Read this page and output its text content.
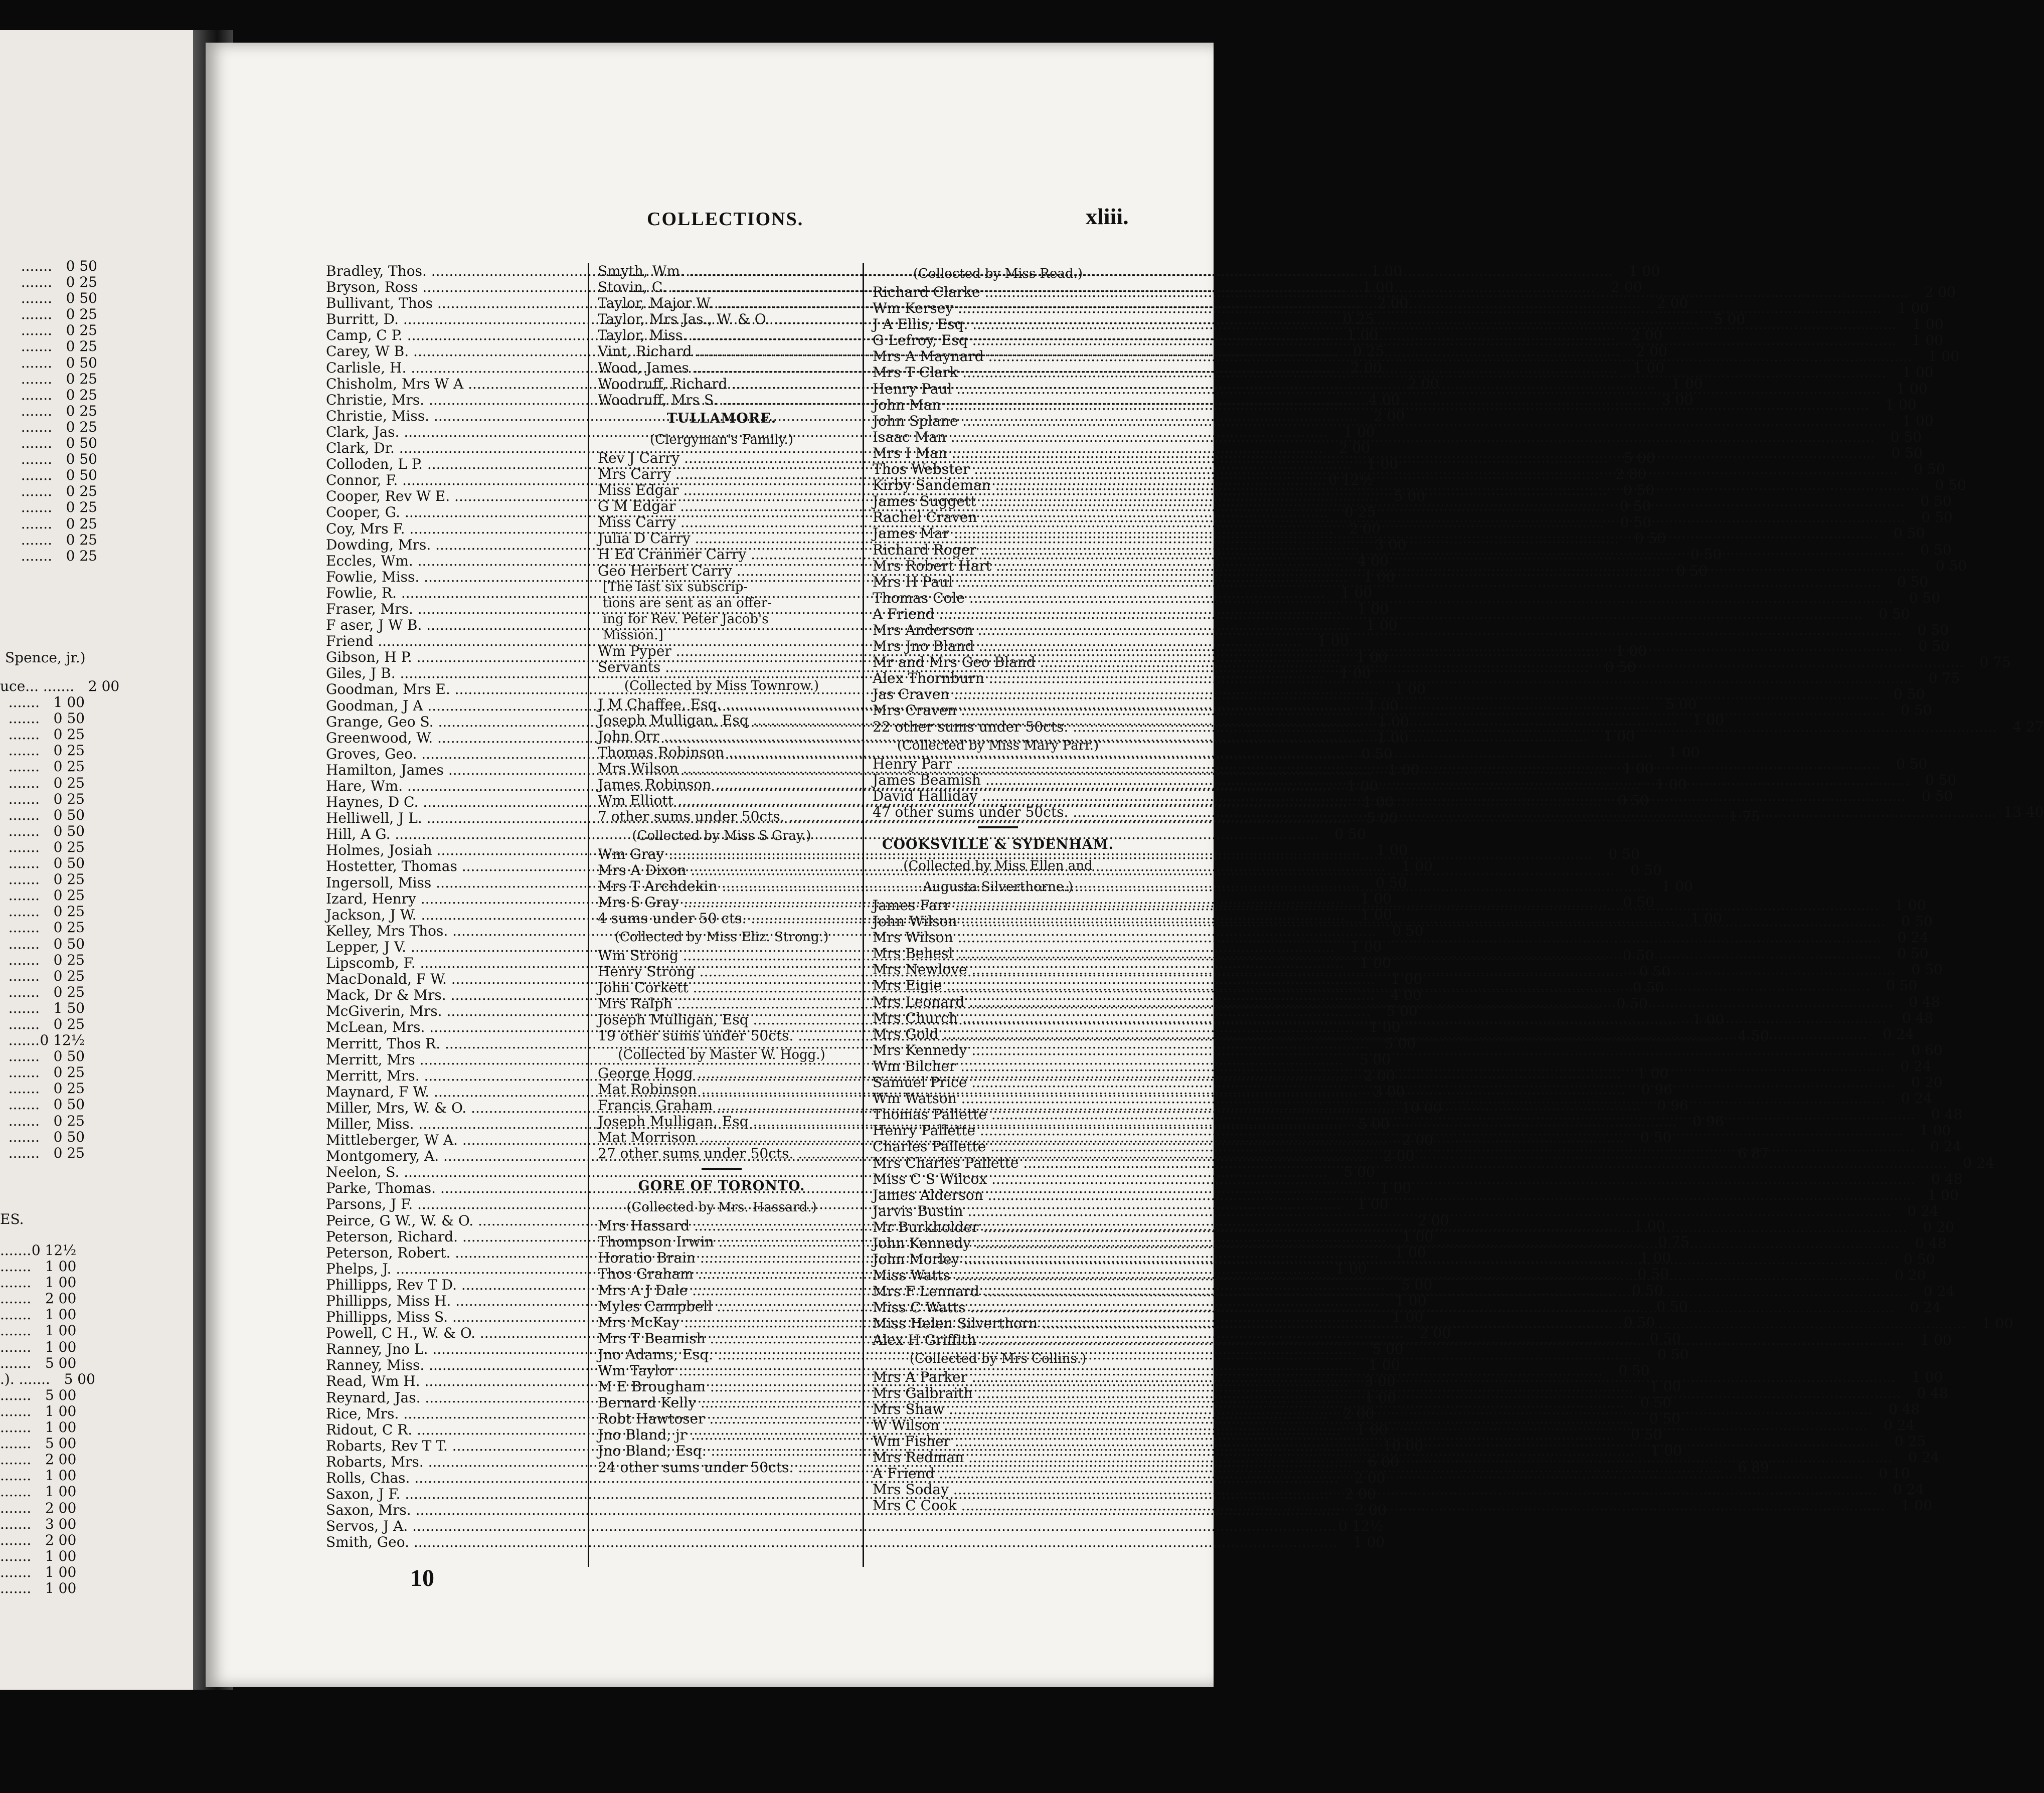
....... 0 50
....... 0 25
....... 0 50
....... 0 25
....... 0 25
....... 0 25
....... 0 50
....... 0 25
....... 0 25
....... 0 25
....... 0 25
....... 0 50
....... 0 50
....... 0 50
....... 0 25
....... 0 25
....... 0 25
....... 0 25
....... 0 25
Spence, jr.)
uce... ....... 2 00
....... 1 00
....... 0 50
....... 0 25
....... 0 25
....... 0 25
....... 0 25
....... 0 25
....... 0 50
....... 0 50
....... 0 25
....... 0 50
....... 0 25
....... 0 25
....... 0 25
....... 0 25
....... 0 50
....... 0 25
....... 0 25
....... 0 25
....... 1 50
....... 0 25
....... 0 12½
....... 0 50
....... 0 25
....... 0 25
....... 0 50
....... 0 25
....... 0 50
....... 0 25
ES.
....... 0 12½
....... 1 00
....... 1 00
....... 2 00
....... 1 00
....... 1 00
....... 1 00
....... 5 00
.). ....... 5 00
....... 5 00
....... 1 00
....... 1 00
....... 5 00
....... 2 00
....... 1 00
....... 1 00
....... 2 00
....... 3 00
....... 2 00
....... 1 00
....... 1 00
....... 1 00
COLLECTIONS.	xliii.
Bradley, Thos. .....	1 00
Bryson, Ross .....	1 00
Bullivant, Thos .....	2 00
Burritt, D. .....	0 25
Camp, C P. .....	1 00
Carey, W B. .....	0 25
Carlisle, H. .....	2 00
Chisholm, Mrs W A .....	2 00
Christie, Mrs. .....	4 00
Christie, Miss. .....	2 00
Clark, Jas. .....	1 00
Clark, Dr. .....	2 00
Colloden, L P. .....	1 00
Connor, F. .....	0 12½
Cooper, Rev W E. .....	5 00
Cooper, G. .....	0 25
Coy, Mrs F. .....	2 00
Dowding, Mrs. .....	3 00
Eccles, Wm. .....	4 00
Fowlie, Miss. .....	1 00
Fowlie, R. .....	1 00
Fraser, Mrs. .....	1 00
F aser, J W B. .....	1 00
Friend .....	1 00
Gibson, H P. .....	1 00
Giles, J B. .....	1 00
Goodman, Mrs E. .....	1 00
Goodman, J A .....	1 00
Grange, Geo S. .....	1 00
Greenwood, W. .....	1 00
Groves, Geo. .....	0 50
Hamilton, James .....	1 00
Hare, Wm. .....	1 00
Haynes, D C. .....	1 00
Helliwell, J L. .....	5 00
Hill, A G. .....	0 50
Holmes, Josiah .....	1 00
Hostetter, Thomas .....	1 00
Ingersoll, Miss .....	0 50
Izard, Henry .....	1 00
Jackson, J W. .....	1 00
Kelley, Mrs Thos. .....	0 50
Lepper, J V. .....	1 00
Lipscomb, F. .....	1 00
MacDonald, F W. .....	1 00
Mack, Dr & Mrs. .....	4 00
McGiverin, Mrs. .....	5 00
McLean, Mrs. .....	1 00
Merritt, Thos R. .....	5 00
Merritt, Mrs .....	5 00
Merritt, Mrs. .....	2 00
Maynard, F W. .....	3 00
Miller, Mrs, W. & O. .....	10 00
Miller, Miss. .....	5 00
Mittleberger, W A. .....	2 00
Montgomery, A. .....	2 00
Neelon, S. .....	5 00
Parke, Thomas. .....	1 00
Parsons, J F. .....	1 00
Peirce, G W., W. & O. .....	2 00
Peterson, Richard. .....	1 00
Peterson, Robert. .....	1 00
Phelps, J. .....	1 00
Phillipps, Rev T D. .....	5 00
Phillipps, Miss H. .....	1 00
Phillipps, Miss S. .....	1 00
Powell, C H., W. & O. .....	2 00
Ranney, Jno L. .....	5 00
Ranney, Miss. .....	1 00
Read, Wm H. .....	3 00
Reynard, Jas. .....	1 00
Rice, Mrs. .....	2 00
Ridout, C R. .....	1 00
Robarts, Rev T T. .....	10 00
Robarts, Mrs. .....	6 00
Rolls, Chas. .....	2 00
Saxon, J F. .....	2 00
Saxon, Mrs. .....	2 00
Servos, J A. .....	0 12½
Smith, Geo. .....	1 00
Smyth, Wm. .....	1 00
Stovin, C. .....	2 00
Taylor, Major W. .....	2 00
Taylor, Mrs Jas., W. & O. .....	5 00
Taylor, Miss. .....	2 00
Vint, Richard .....	2 00
Wood, James .....	1 00
Woodruff, Richard .....	1 00
Woodruff, Mrs S. .....	3 00
TULLAMORE.
(Clergyman's Family.)
Rev J Carry .....	5 00
Mrs Carry .....	2 80
Miss Edgar .....	0 50
G M Edgar .....	0 50
Miss Carry .....	0 50
Julia D Carry .....	0 50
H Ed Cranmer Carry .....	0 50
Geo Herbert Carry .....	0 50
[The last six subscrip-
tions are sent as an offer-
ing for Rev. Peter Jacob's
Mission.]
Wm Pyper .....	1 00
Servants .....	0 50
(Collected by Miss Townrow.)
J M Chaffee, Esq. .....	5 00
Joseph Mulligan, Esq .....	1 00
John Orr .....	1 00
Thomas Robinson .....	1 00
Mrs Wilson .....	1 00
James Robinson .....	1 00
Wm Elliott .....	0 50
7 other sums under 50cts. .....	1 75
(Collected by Miss S Gray.)
Wm Gray .....	0 50
Mrs A Dixon .....	0 50
Mrs T Archdekin .....	1 00
Mrs S Gray .....	0 50
4 sums under 50 cts. .....	1 00
(Collected by Miss Eliz. Strong.)
Wm Strong .....	0 50
Henry Strong .....	0 50
John Corkett .....	0 50
Mrs Ralph .....	0 50
Joseph Mulligan, Esq .....	1 00
19 other sums under 50cts. .....	4 50
(Collected by Master W. Hogg.)
George Hogg .....	1 00
Mat Robinson .....	0 96
Francis Graham .....	0 96
Joseph Mulligan, Esq .....	0 96
Mat Morrison .....	0 50
27 other sums under 50cts. .....	6 87
GORE OF TORONTO.
(Collected by Mrs. Hassard.)
Mrs Hassard .....	1 00
Thompson Irwin .....	0 75
Horatio Brain .....	1 00
Thos Graham .....	0 50
Mrs A J Dale .....	0 50
Myles Campbell .....	0 50
Mrs McKay .....	0 50
Mrs T Beamish .....	0 50
Jno Adams, Esq. .....	0 50
Wm Taylor .....	0 50
M E Brougham .....	1 00
Bernard Kelly .....	0 50
Robt Hawtoser .....	0 50
Jno Bland, jr .....	0 50
Jno Bland, Esq. .....	1 00
24 other sums under 50cts. .....	6 89
(Collected by Miss Read.)
Richard Clarke .....	2 00
Wm Kersey .....	1 00
J A Ellis, Esq. .....	1 00
G Lefroy, Esq .....	1 00
Mrs A Maynard .....	1 00
Mrs T Clark .....	1 00
Henry Paul .....	1 00
John Man .....	1 00
John Splane .....	1 00
Isaac Man .....	0 50
Mrs I Man .....	0 50
Thos Webster .....	0 50
Kirby Sandeman .....	0 50
James Suggett .....	0 50
Rachel Craven .....	0 50
James Mar .....	0 50
Richard Roger .....	0 50
Mrs Robert Hart .....	0 50
Mrs H Paul .....	0 50
Thomas Cole .....	0 50
A Friend .....	0 50
Mrs Anderson .....	0 50
Mrs Jno Bland .....	0 50
Mr and Mrs Geo Bland .....	0 75
Alex Thornburn .....	0 75
Jas Craven .....	0 50
Mrs Craven .....	0 50
22 other sums under 50cts. .....	4 27
(Collected by Miss Mary Parr.)
Henry Parr .....	0 50
James Beamish .....	0 50
David Halliday .....	0 50
47 other sums under 50cts. .....	13 40
COOKSVILLE & SYDENHAM.
(Collected by Miss Ellen and
Augusta Silverthorne.)
James Farr .....	1 00
John Wilson .....	0 50
Mrs Wilson .....	0 24
Mrs Behesl .....	0 50
Mrs Newlove .....	0 50
Mrs Eigie .....	0 50
Mrs Leonard .....	0 48
Mrs Church .....	0 48
Mrs Gold .....	0 24
Mrs Kennedy .....	0 60
Wm Bilcher .....	0 24
Samuel Price .....	0 20
Wm Watson .....	0 24
Thomas Pallette .....	0 48
Henry Pallette .....	1 00
Charles Pallette .....	0 24
Mrs Charles Pallette .....	0 24
Miss C S Wilcox .....	0 48
James Alderson .....	1 00
Jarvis Bustin .....	0 24
Mr Burkholder .....	0 20
John Kennedy .....	0 48
John Morley .....	0 50
Miss Watts .....	0 20
Mrs F Lennard .....	0 24
Miss C Watts .....	0 24
Miss Helen Silverthorn .....	1 00
Alex H Griffith .....	1 00
(Collected by Mrs Collins.)
Mrs A Parker .....	1 00
Mrs Galbraith .....	0 48
Mrs Shaw .....	0 48
W Wilson .....	0 24
Wm Fisher .....	0 25
Mrs Redman .....	0 24
A Friend .....	0 10
Mrs Soday .....	0 24
Mrs C Cook .....	1 00
10
